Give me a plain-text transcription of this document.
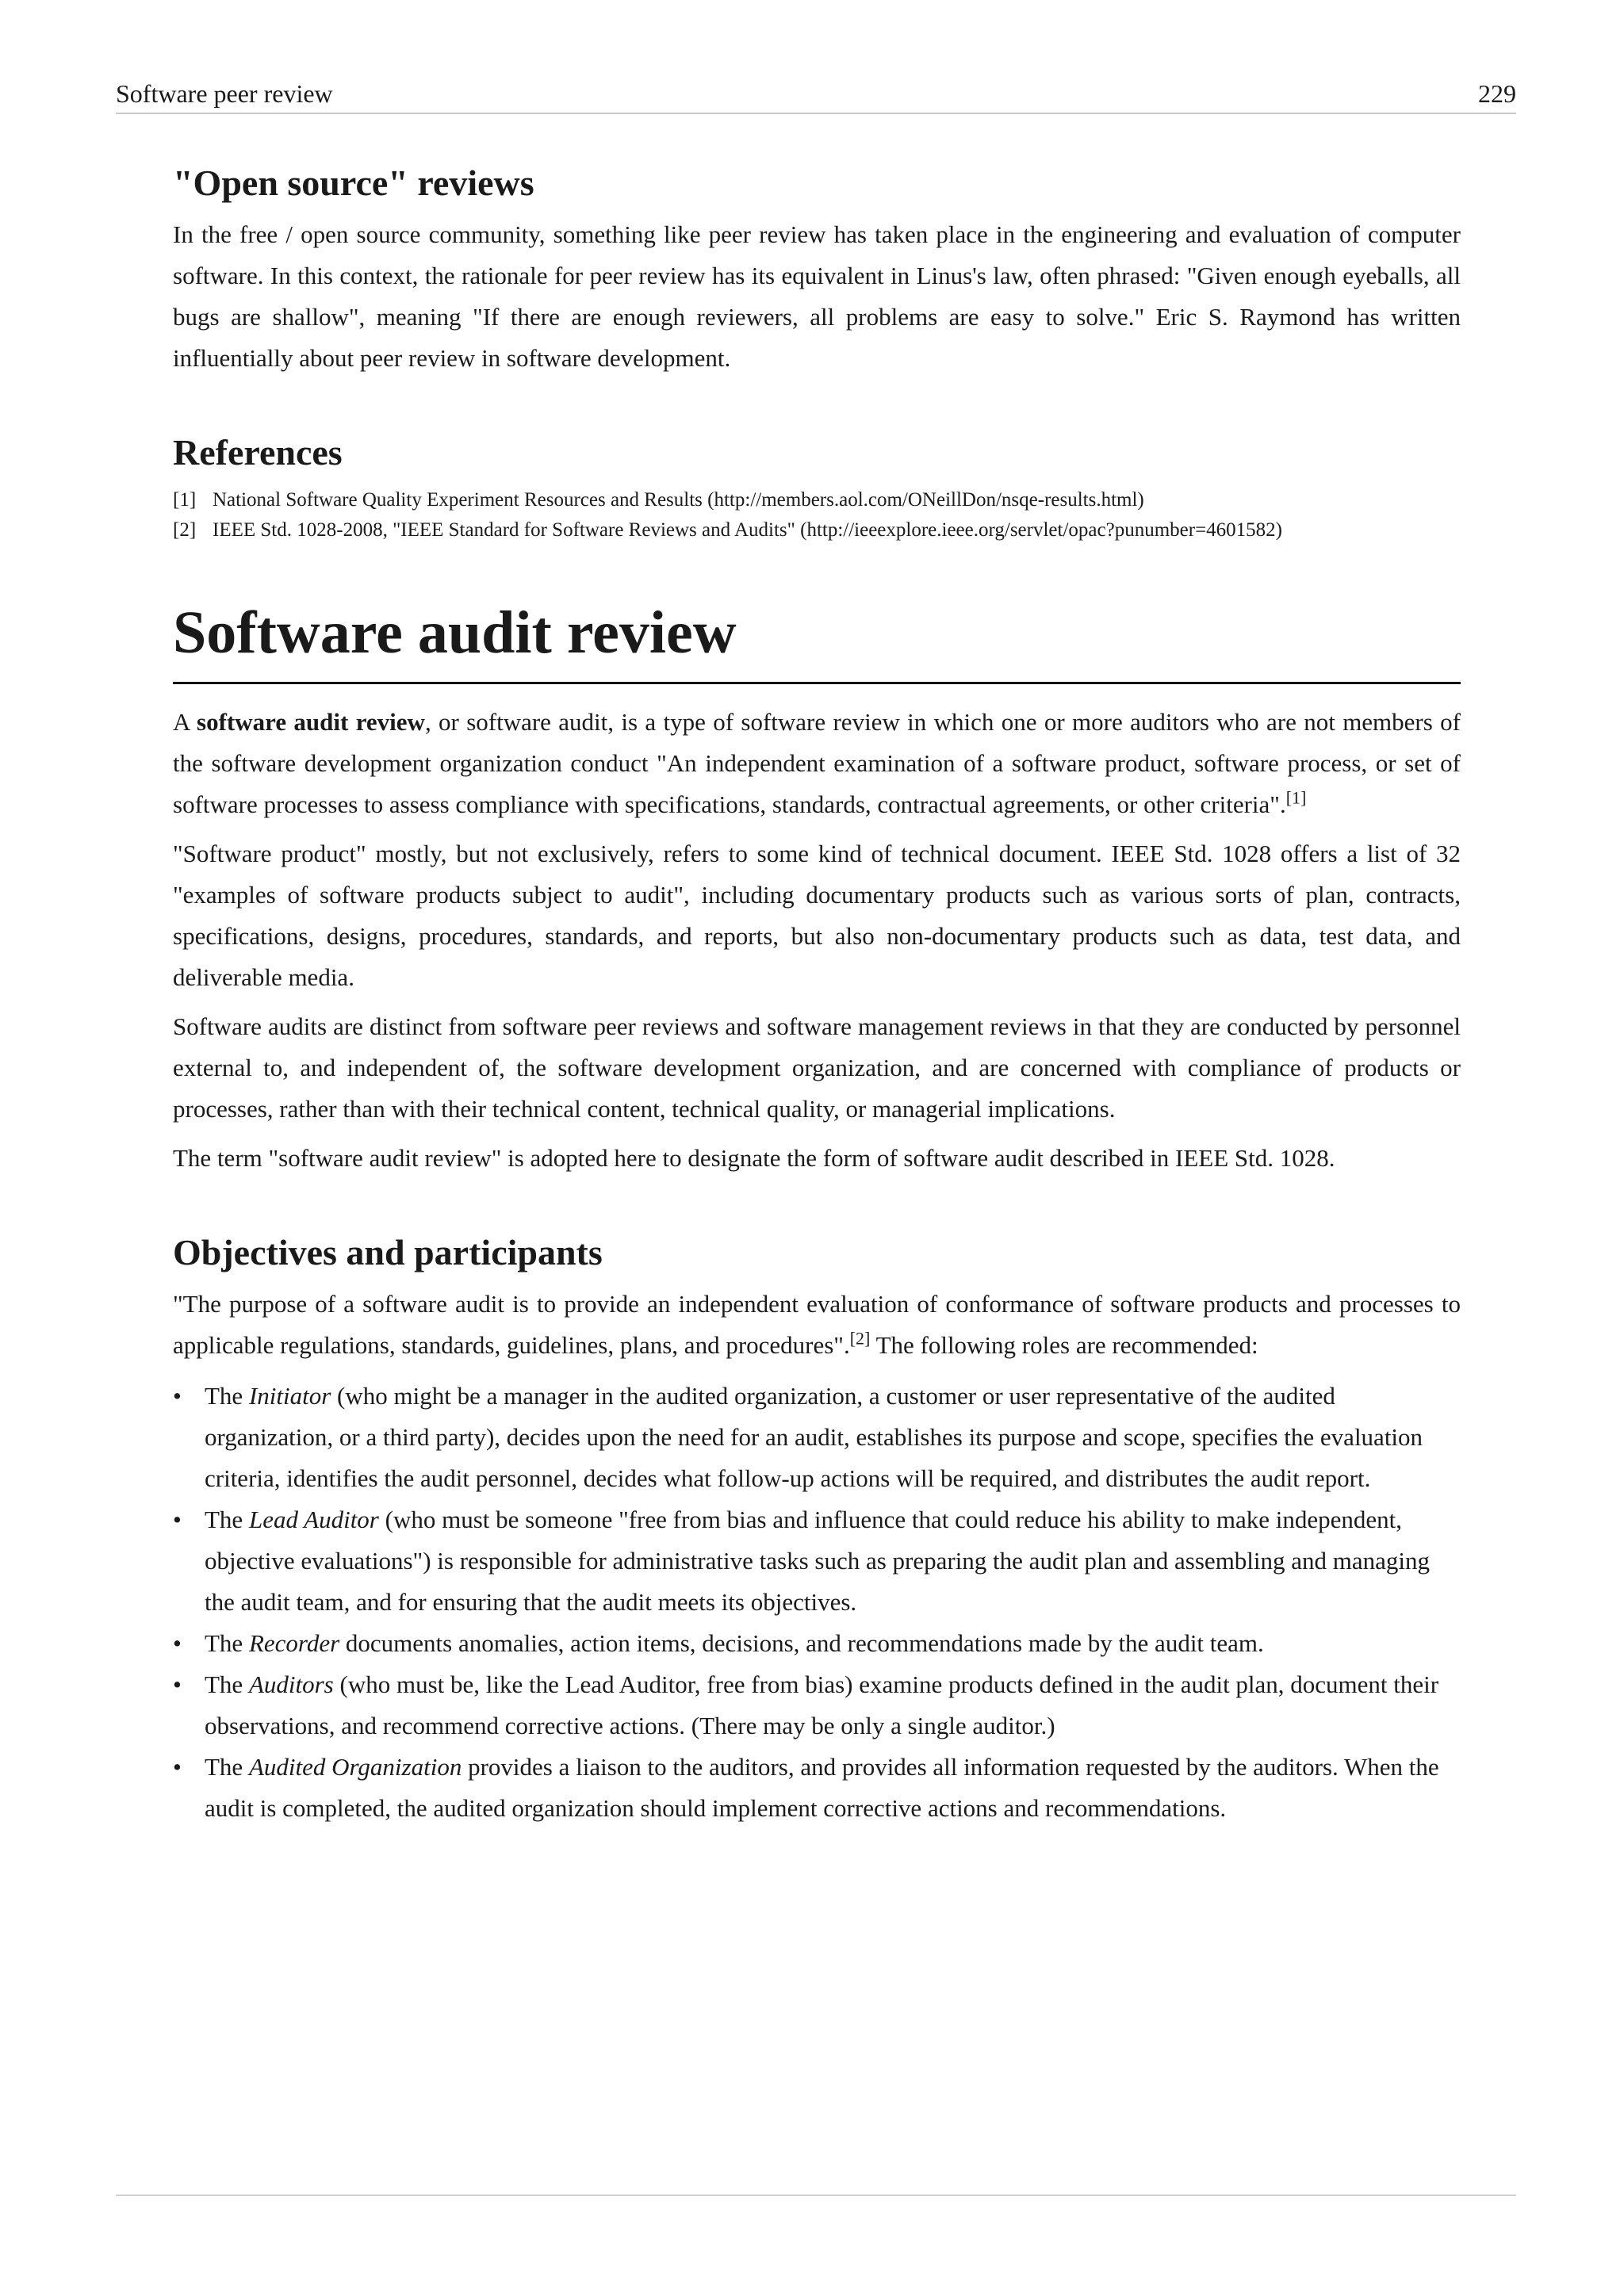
Software peer review	229
"Open source" reviews

In the free / open source community, something like peer review has taken place in the engineering and evaluation of computer software. In this context, the rationale for peer review has its equivalent in Linus's law, often phrased: "Given enough eyeballs, all bugs are shallow", meaning "If there are enough reviewers, all problems are easy to solve." Eric S. Raymond has written influentially about peer review in software development.

References
[1] National Software Quality Experiment Resources and Results (http://members.aol.com/ONeillDon/nsqe-results.html)
[2] IEEE Std. 1028-2008, "IEEE Standard for Software Reviews and Audits" (http://ieeexplore.ieee.org/servlet/opac?punumber=4601582)
Software audit review

A software audit review, or software audit, is a type of software review in which one or more auditors who are not members of the software development organization conduct "An independent examination of a software product, software process, or set of software processes to assess compliance with specifications, standards, contractual agreements, or other criteria".[1]

"Software product" mostly, but not exclusively, refers to some kind of technical document. IEEE Std. 1028 offers a list of 32 "examples of software products subject to audit", including documentary products such as various sorts of plan, contracts, specifications, designs, procedures, standards, and reports, but also non-documentary products such as data, test data, and deliverable media.

Software audits are distinct from software peer reviews and software management reviews in that they are conducted by personnel external to, and independent of, the software development organization, and are concerned with compliance of products or processes, rather than with their technical content, technical quality, or managerial implications.

The term "software audit review" is adopted here to designate the form of software audit described in IEEE Std. 1028.

Objectives and participants

"The purpose of a software audit is to provide an independent evaluation of conformance of software products and processes to applicable regulations, standards, guidelines, plans, and procedures".[2] The following roles are recommended:

• The Initiator (who might be a manager in the audited organization, a customer or user representative of the audited organization, or a third party), decides upon the need for an audit, establishes its purpose and scope, specifies the evaluation criteria, identifies the audit personnel, decides what follow-up actions will be required, and distributes the audit report.
• The Lead Auditor (who must be someone "free from bias and influence that could reduce his ability to make independent, objective evaluations") is responsible for administrative tasks such as preparing the audit plan and assembling and managing the audit team, and for ensuring that the audit meets its objectives.
• The Recorder documents anomalies, action items, decisions, and recommendations made by the audit team.
• The Auditors (who must be, like the Lead Auditor, free from bias) examine products defined in the audit plan, document their observations, and recommend corrective actions. (There may be only a single auditor.)
• The Audited Organization provides a liaison to the auditors, and provides all information requested by the auditors. When the audit is completed, the audited organization should implement corrective actions and recommendations.
